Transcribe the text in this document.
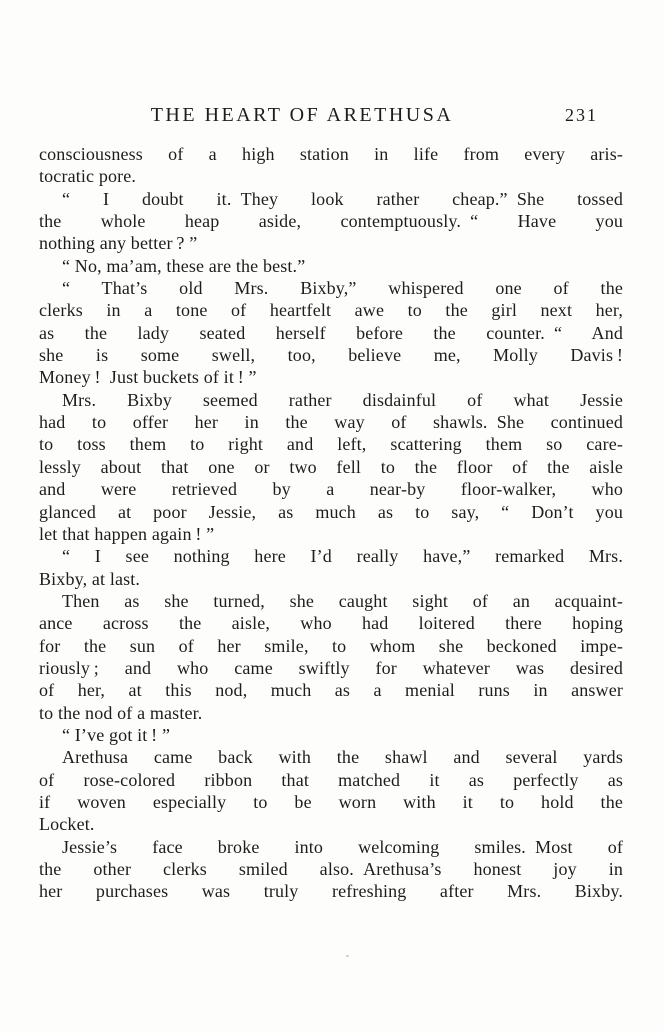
THE HEART OF ARETHUSA	231
consciousness of a high station in life from every aris-
tocratic pore.
“ I doubt it. They look rather cheap.” She tossed
the whole heap aside, contemptuously. “ Have you
nothing any better ? ”
“ No, ma’am, these are the best.”
“ That’s old Mrs. Bixby,” whispered one of the
clerks in a tone of heartfelt awe to the girl next her,
as the lady seated herself before the counter. “ And
she is some swell, too, believe me, Molly Davis !
Money ! Just buckets of it ! ”
Mrs. Bixby seemed rather disdainful of what Jessie
had to offer her in the way of shawls. She continued
to toss them to right and left, scattering them so care-
lessly about that one or two fell to the floor of the aisle
and were retrieved by a near-by floor-walker, who
glanced at poor Jessie, as much as to say, “ Don’t you
let that happen again ! ”
“ I see nothing here I’d really have,” remarked Mrs.
Bixby, at last.
Then as she turned, she caught sight of an acquaint-
ance across the aisle, who had loitered there hoping
for the sun of her smile, to whom she beckoned impe-
riously ; and who came swiftly for whatever was desired
of her, at this nod, much as a menial runs in answer
to the nod of a master.
“ I’ve got it ! ”
Arethusa came back with the shawl and several yards
of rose-colored ribbon that matched it as perfectly as
if woven especially to be worn with it to hold the
Locket.
Jessie’s face broke into welcoming smiles. Most of
the other clerks smiled also. Arethusa’s honest joy in
her purchases was truly refreshing after Mrs. Bixby.
